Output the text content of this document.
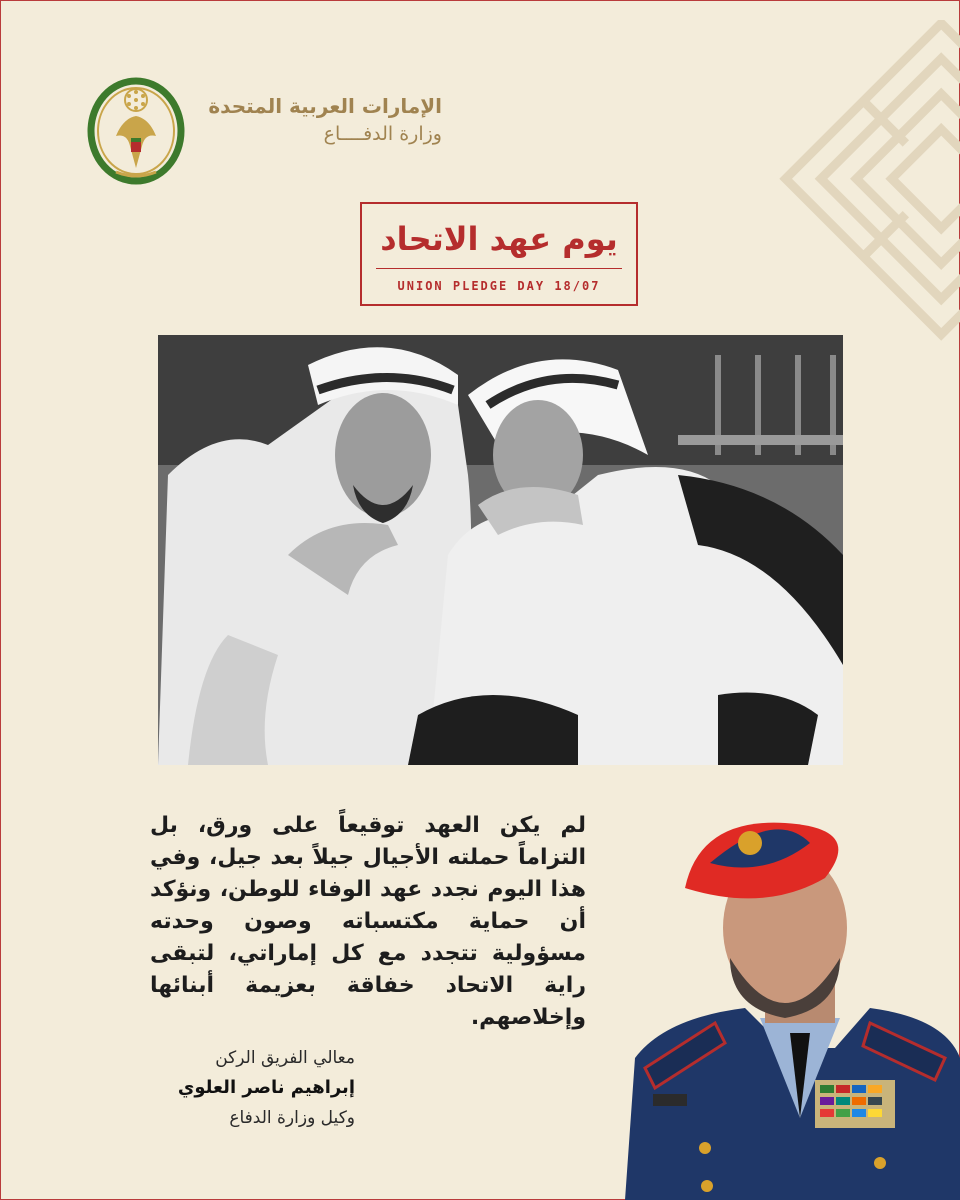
الإمارات العربية المتحدة
وزارة الدفــــاع
يوم عهد الاتحاد
UNION PLEDGE DAY 18/07
لم يكن العهد توقيعاً على ورق، بل التزاماً حملته الأجيال جيلاً بعد جيل، وفي هذا اليوم نجدد عهد الوفاء للوطن، ونؤكد أن حماية مكتسباته وصون وحدته مسؤولية تتجدد مع كل إماراتي، لتبقى راية الاتحاد خفاقة بعزيمة أبنائها وإخلاصهم.
معالي الفريق الركن
إبراهيم ناصر العلوي
وكيل وزارة الدفاع
